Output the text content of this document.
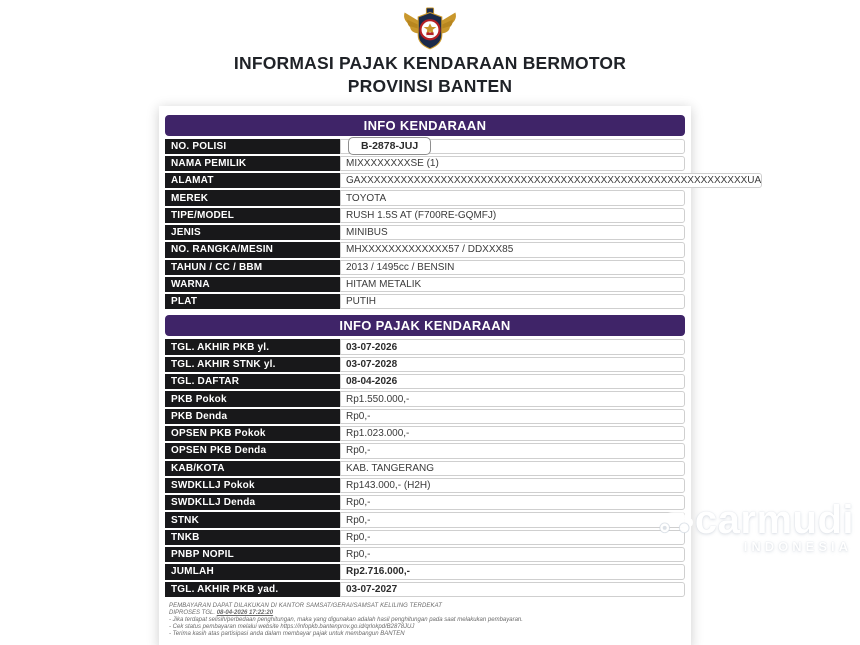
INFORMASI PAJAK KENDARAAN BERMOTOR
PROVINSI BANTEN
INFO KENDARAAN
NO. POLISI	B-2878-JUJ
NAMA PEMILIK	MIXXXXXXXXSE (1)
ALAMAT	GAXXXXXXXXXXXXXXXXXXXXXXXXXXXXXXXXXXXXXXXXXXXXXXXXXXXXXXXXXXUA
MEREK	TOYOTA
TIPE/MODEL	RUSH 1.5S AT (F700RE-GQMFJ)
JENIS	MINIBUS
NO. RANGKA/MESIN	MHXXXXXXXXXXXXX57 / DDXXX85
TAHUN / CC / BBM	2013 / 1495cc / BENSIN
WARNA	HITAM METALIK
PLAT	PUTIH
INFO PAJAK KENDARAAN
TGL. AKHIR PKB yl.	03-07-2026
TGL. AKHIR STNK yl.	03-07-2028
TGL. DAFTAR	08-04-2026
PKB Pokok	Rp1.550.000,-
PKB Denda	Rp0,-
OPSEN PKB Pokok	Rp1.023.000,-
OPSEN PKB Denda	Rp0,-
KAB/KOTA	KAB. TANGERANG
SWDKLLJ Pokok	Rp143.000,- (H2H)
SWDKLLJ Denda	Rp0,-
STNK	Rp0,-
TNKB	Rp0,-
PNBP NOPIL	Rp0,-
JUMLAH	Rp2.716.000,-
TGL. AKHIR PKB yad.	03-07-2027
PEMBAYARAN DAPAT DILAKUKAN DI KANTOR SAMSAT/GERAI/SAMSAT KELILING TERDEKAT
DIPROSES TGL. 08-04-2026 17:22:20
- Jika terdapat selisih/perbedaan penghitungan, maka yang digunakan adalah hasil penghitungan pada saat melakukan pembayaran.
- Cek status pembayaran melalui website https://infopkb.bantenprov.go.id/qrlokpd/B2878JUJ
- Terima kasih atas partisipasi anda dalam membayar pajak untuk membangun BANTEN
carmudi
INDONESIA
